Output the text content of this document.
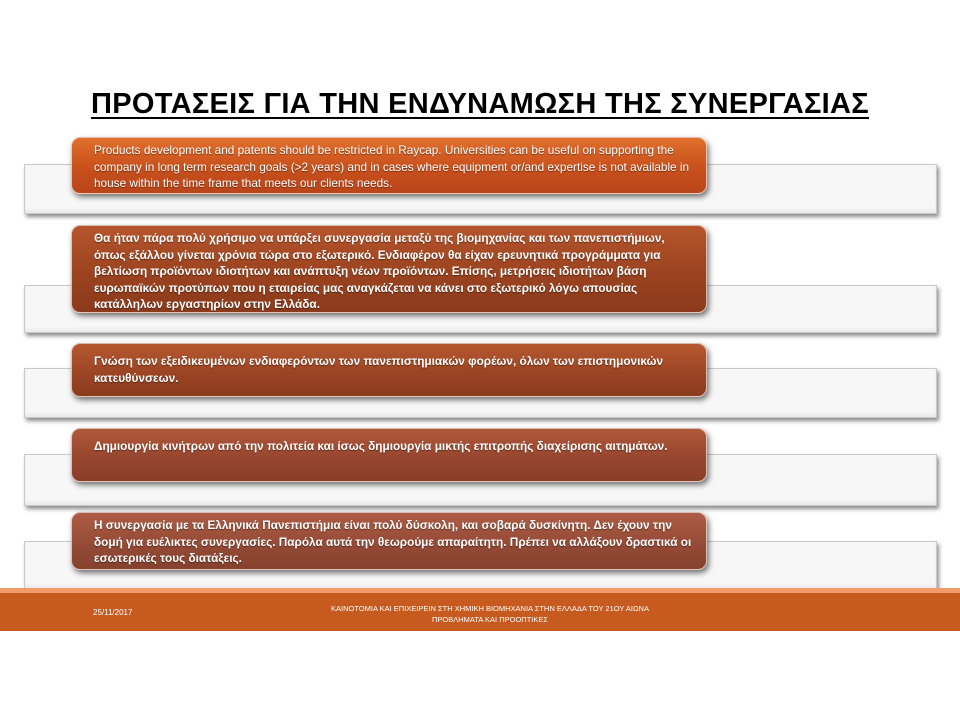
ΠΡΟΤΑΣΕΙΣ ΓΙΑ ΤΗΝ ΕΝΔΥΝΑΜΩΣΗ ΤΗΣ ΣΥΝΕΡΓΑΣΙΑΣ
Products development and patents should be restricted in Raycap. Universities can be useful on supporting the company in long term research goals (>2 years) and in cases where equipment or/and expertise is not available in house within the time frame that meets our clients needs.
Θα ήταν πάρα πολύ χρήσιμο να υπάρξει συνεργασία μεταξύ της βιομηχανίας και των πανεπιστήμιων, όπως εξάλλου γίνεται χρόνια τώρα στο εξωτερικό. Ενδιαφέρον θα είχαν ερευνητικά προγράμματα για βελτίωση προϊόντων ιδιοτήτων και ανάπτυξη νέων προϊόντων. Επίσης, μετρήσεις ιδιοτήτων βάση ευρωπαϊκών προτύπων που η εταιρείας μας αναγκάζεται να κάνει στο εξωτερικό λόγω απουσίας κατάλληλων εργαστηρίων στην Ελλάδα.
Γνώση των εξειδικευμένων ενδιαφερόντων των πανεπιστημιακών φορέων, όλων των επιστημονικών κατευθύνσεων.
Δημιουργία κινήτρων από την πολιτεία και ίσως δημιουργία μικτής επιτροπής διαχείρισης αιτημάτων.
Η συνεργασία με τα Ελληνικά Πανεπιστήμια είναι πολύ δύσκολη, και σοβαρά δυσκίνητη. Δεν έχουν την δομή για ευέλικτες συνεργασίες. Παρόλα αυτά την θεωρούμε απαραίτητη. Πρέπει να αλλάξουν δραστικά οι εσωτερικές τους διατάξεις.
25/11/2017	ΚΑΙΝΟΤΟΜΙΑ ΚΑΙ ΕΠΙΧΕΙΡΕΙΝ ΣΤΗ ΧΗΜΙΚΗ ΒΙΟΜΗΧΑΝΙΑ ΣΤΗΝ ΕΛΛΑΔΑ ΤΟΥ 21ΟΥ ΑΙΩΝΑ
ΠΡΟΒΛΗΜΑΤΑ ΚΑΙ ΠΡΟΟΠΤΙΚΕΣ
